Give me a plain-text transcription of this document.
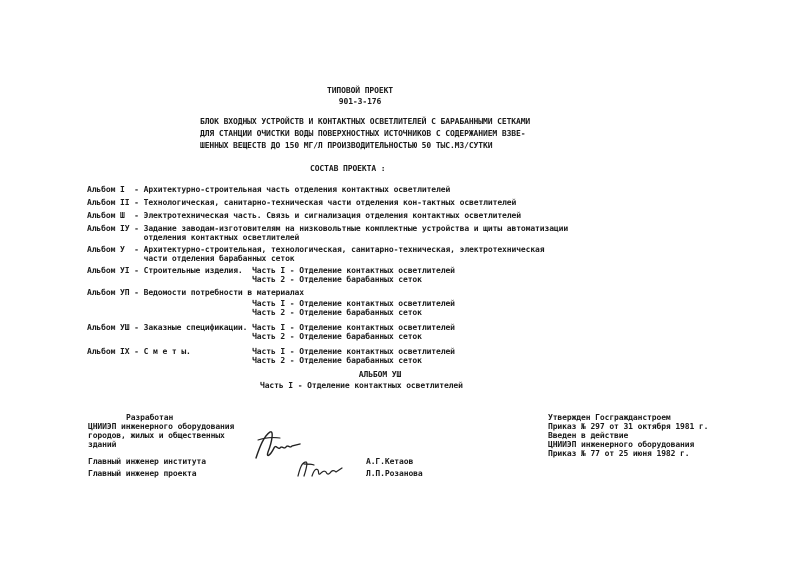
ТИПОВОЙ ПРОЕКТ
901-3-176
БЛОК ВХОДНЫХ УСТРОЙСТВ И КОНТАКТНЫХ ОСВЕТЛИТЕЛЕЙ С БАРАБАННЫМИ СЕТКАМИ
ДЛЯ СТАНЦИИ ОЧИСТКИ ВОДЫ ПОВЕРХНОСТНЫХ ИСТОЧНИКОВ С СОДЕРЖАНИЕМ ВЗВЕ-
ШЕННЫХ ВЕЩЕСТВ ДО 150 МГ/Л ПРОИЗВОДИТЕЛЬНОСТЬЮ 50 ТЫС.М3/СУТКИ
СОСТАВ ПРОЕКТА :
Альбом I  - Архитектурно-строительная часть отделения контактных осветлителей
Альбом II - Технологическая, санитарно-техническая части отделения кон-тактных осветлителей
Альбом Ш  - Электротехническая часть. Связь и сигнализация отделения контактных осветлителей
Альбом IУ - Задание заводам-изготовителям на низковольтные комплектные устройства и щиты автоматизации
отделения контактных осветлителей
Альбом У  - Архитектурно-строительная, технологическая, санитарно-техническая, электротехническая
части отделения барабанных сеток
Альбом УI - Строительные изделия.  Часть I - Отделение контактных осветлителей
Часть 2 - Отделение барабанных сеток
Альбом УП - Ведомости потребности в материалах
Часть I - Отделение контактных осветлителей
Часть 2 - Отделение барабанных сеток
Альбом УШ - Заказные спецификации. Часть I - Отделение контактных осветлителей
Часть 2 - Отделение барабанных сеток
Альбом IX - С м е т ы.             Часть I - Отделение контактных осветлителей
Часть 2 - Отделение барабанных сеток
АЛЬБОМ УШ
Часть I - Отделение контактных осветлителей
Разработан
ЦНИИЭП инженерного оборудования
городов, жилых и общественных
зданий
Утвержден Госгражданстроем
Приказ № 297 от 31 октября 1981 г.
Введен в действие
ЦНИИЭП инженерного оборудования
Приказ № 77 от 25 июня 1982 г.
Главный инженер института	А.Г.Кетаов
Главный инженер проекта	Л.П.Розанова
